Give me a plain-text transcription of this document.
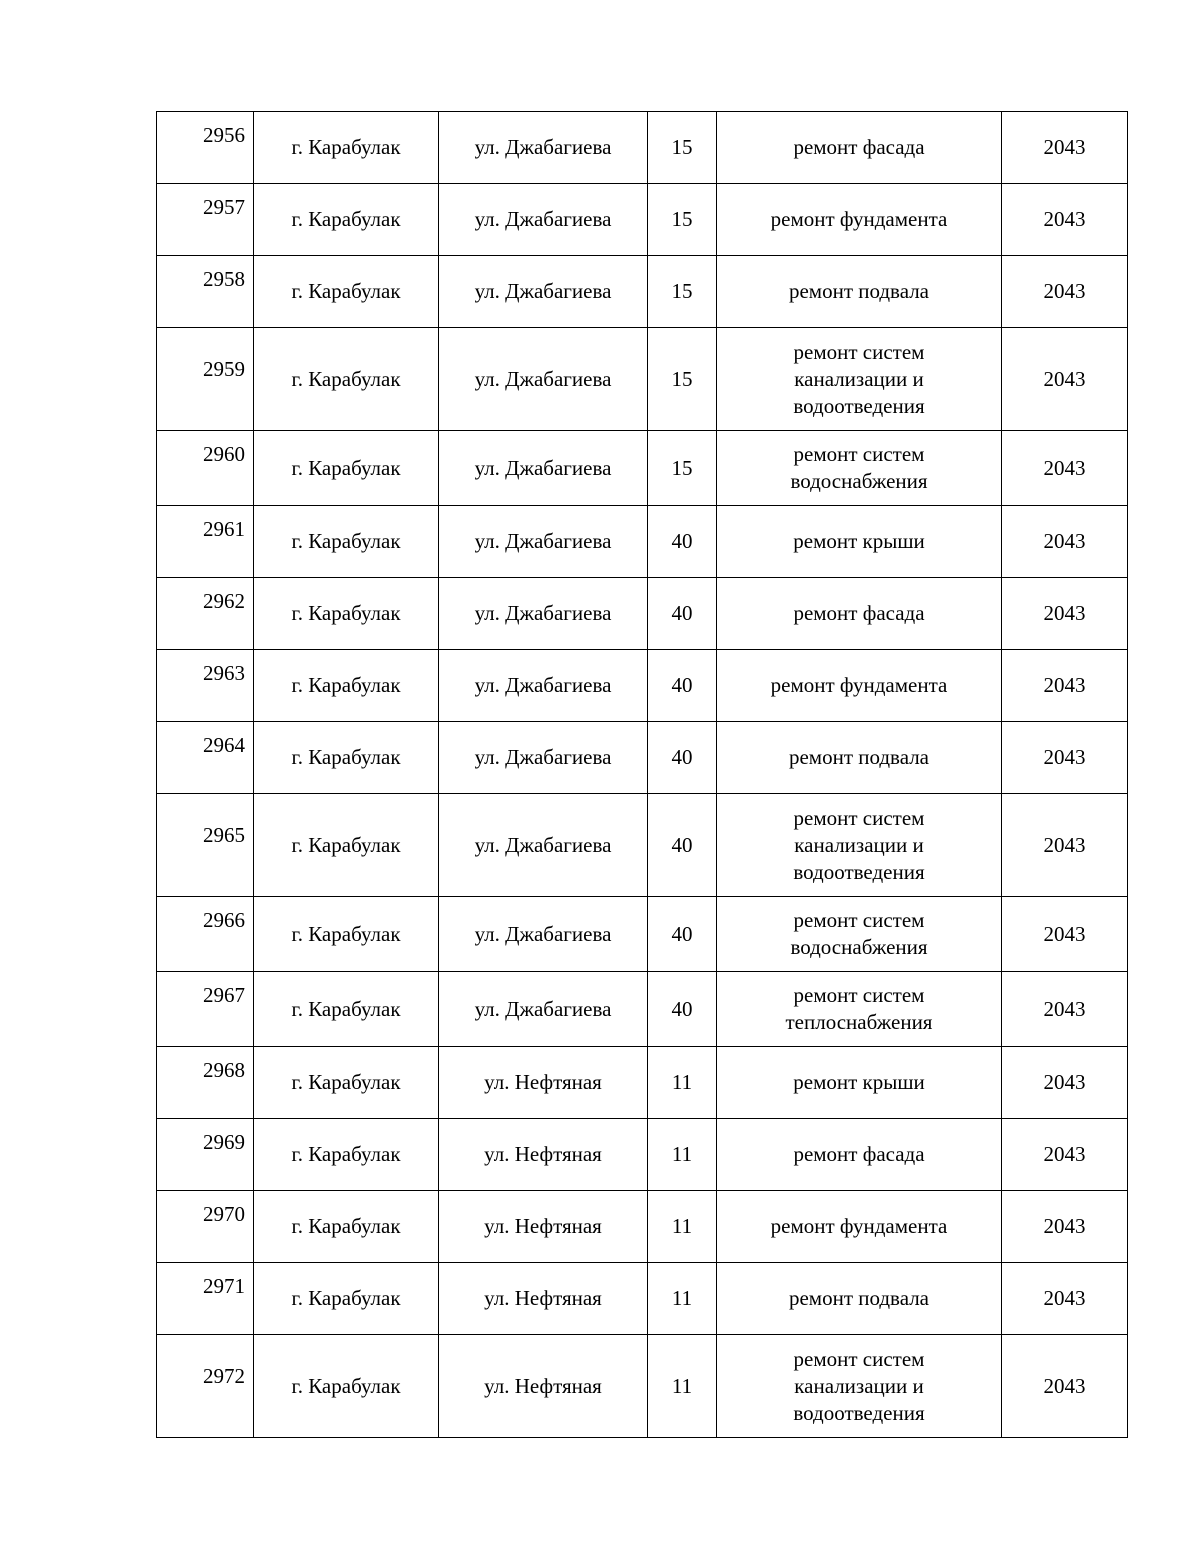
2956	г. Карабулак	ул. Джабагиева	15	ремонт фасада	2043
2957	г. Карабулак	ул. Джабагиева	15	ремонт фундамента	2043
2958	г. Карабулак	ул. Джабагиева	15	ремонт подвала	2043
2959	г. Карабулак	ул. Джабагиева	15	ремонт систем канализации и водоотведения	2043
2960	г. Карабулак	ул. Джабагиева	15	ремонт систем водоснабжения	2043
2961	г. Карабулак	ул. Джабагиева	40	ремонт крыши	2043
2962	г. Карабулак	ул. Джабагиева	40	ремонт фасада	2043
2963	г. Карабулак	ул. Джабагиева	40	ремонт фундамента	2043
2964	г. Карабулак	ул. Джабагиева	40	ремонт подвала	2043
2965	г. Карабулак	ул. Джабагиева	40	ремонт систем канализации и водоотведения	2043
2966	г. Карабулак	ул. Джабагиева	40	ремонт систем водоснабжения	2043
2967	г. Карабулак	ул. Джабагиева	40	ремонт систем теплоснабжения	2043
2968	г. Карабулак	ул. Нефтяная	11	ремонт крыши	2043
2969	г. Карабулак	ул. Нефтяная	11	ремонт фасада	2043
2970	г. Карабулак	ул. Нефтяная	11	ремонт фундамента	2043
2971	г. Карабулак	ул. Нефтяная	11	ремонт подвала	2043
2972	г. Карабулак	ул. Нефтяная	11	ремонт систем канализации и водоотведения	2043
